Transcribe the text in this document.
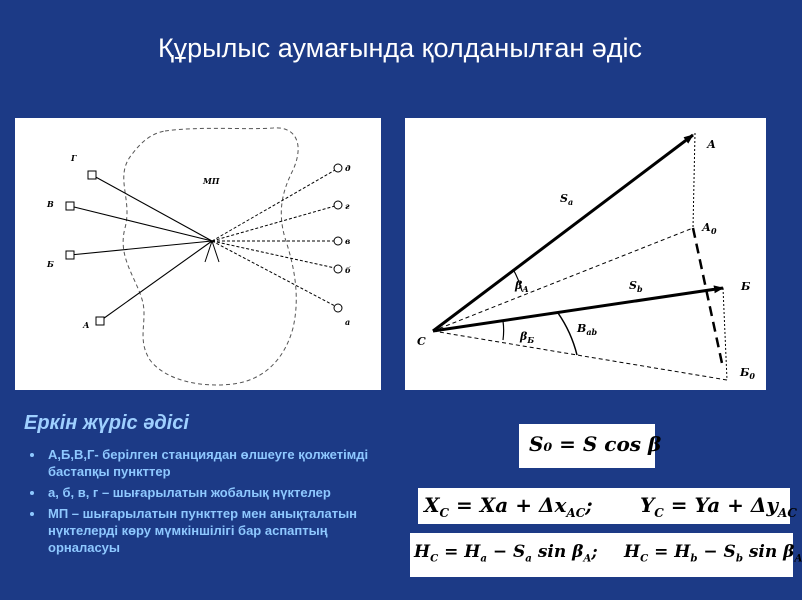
Құрылыс аумағында қолданылған әдіс
Г
В
Б
А
МП
д
г
в
б
а
А
$А_0$
Б
$Б_0$
С
$S_a$
$S_b$
$\beta_A$
$\beta_Б$
$В_{ab}$
Еркін жүріс әдісі
А,Б,В,Г- берілген станциядан өлшеуге қолжетімді бастапқы пункттер
а, б, в, г – шығарылатын жобалық нүктелер
МП – шығарылатын пункттер мен анықталатын нүктелерді көру мүмкіншілігі бар аспаптың орналасуы
S₀ = S cos β
$X_C = Xa + \Delta x_{AC}$; $Y_C = Ya + \Delta y_{AC}$
$H_C = H_a - S_a$ $\sin \beta_A$; $H_C = H_b - S_b$ $\sin \beta_A$
